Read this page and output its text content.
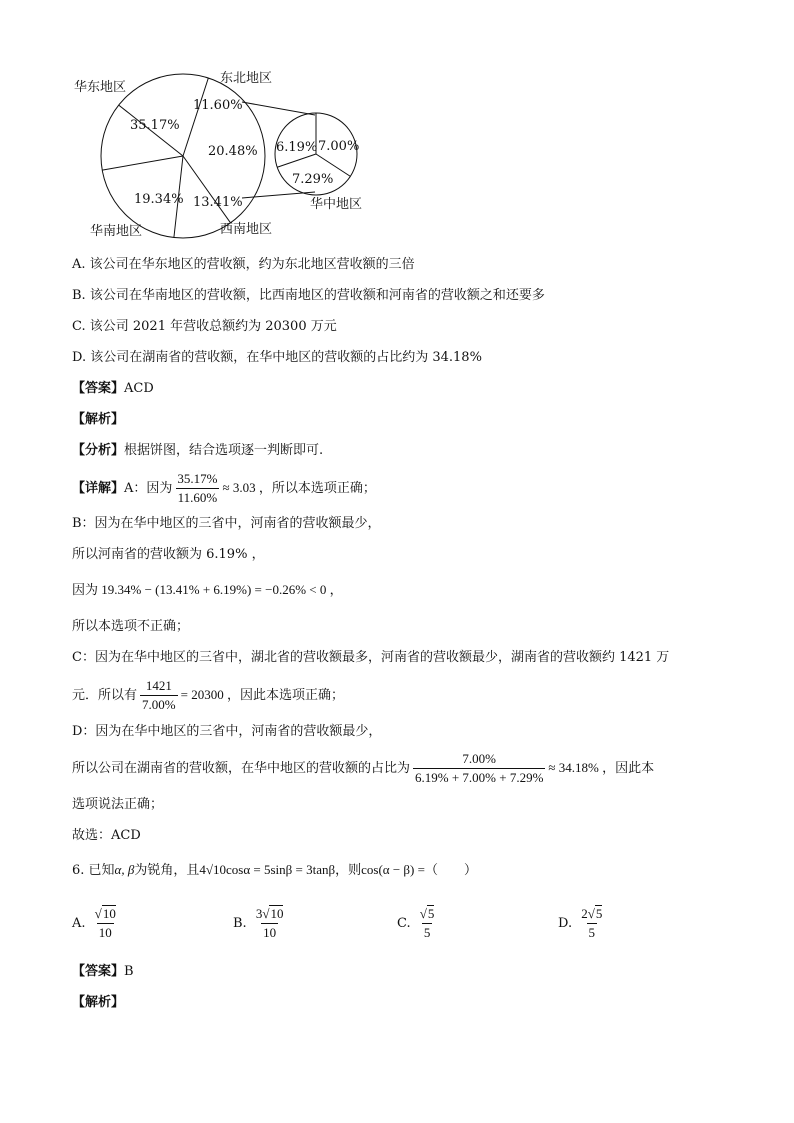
华东地区
东北地区
华南地区	西南地区
华中地区
35.17%
11.60%
20.48%
13.41%
19.34%
7.00%
7.29%
6.19%
A. 该公司在华东地区的营收额，约为东北地区营收额的三倍
B. 该公司在华南地区的营收额，比西南地区的营收额和河南省的营收额之和还要多
C. 该公司 2021 年营收总额约为 20300 万元
D. 该公司在湖南省的营收额，在华中地区的营收额的占比约为 34.18%
【答案】ACD
【解析】
【分析】根据饼图，结合选项逐一判断即可.
【详解】A：因为 $\frac{35.17\%}{11.60\%} \approx 3.03$ ，所以本选项正确；
B：因为在华中地区的三省中，河南省的营收额最少，
所以河南省的营收额为 6.19% ，
因为 19.34% − (13.41% + 6.19%) = −0.26% < 0 ，
所以本选项不正确；
C：因为在华中地区的三省中，湖北省的营收额最多，河南省的营收额最少，湖南省的营收额约 1421 万
元．所以有 $\frac{1421}{7.00\%} = 20300$ ，因此本选项正确；
D：因为在华中地区的三省中，河南省的营收额最少，
所以公司在湖南省的营收额，在华中地区的营收额的占比为 $\frac{7.00\%}{6.19\% + 7.00\% + 7.29\%} \approx 34.18\%$ ，因此本
选项说法正确；
故选：ACD
6. 已知α, β为锐角，且4√10cosα = 5sinβ = 3tanβ，则cos(α − β) =（　　）
A. $\frac{√10}{10}$	B. $\frac{3√10}{10}$	C. $\frac{√5}{5}$	D. $\frac{2√5}{5}$
【答案】B
【解析】
